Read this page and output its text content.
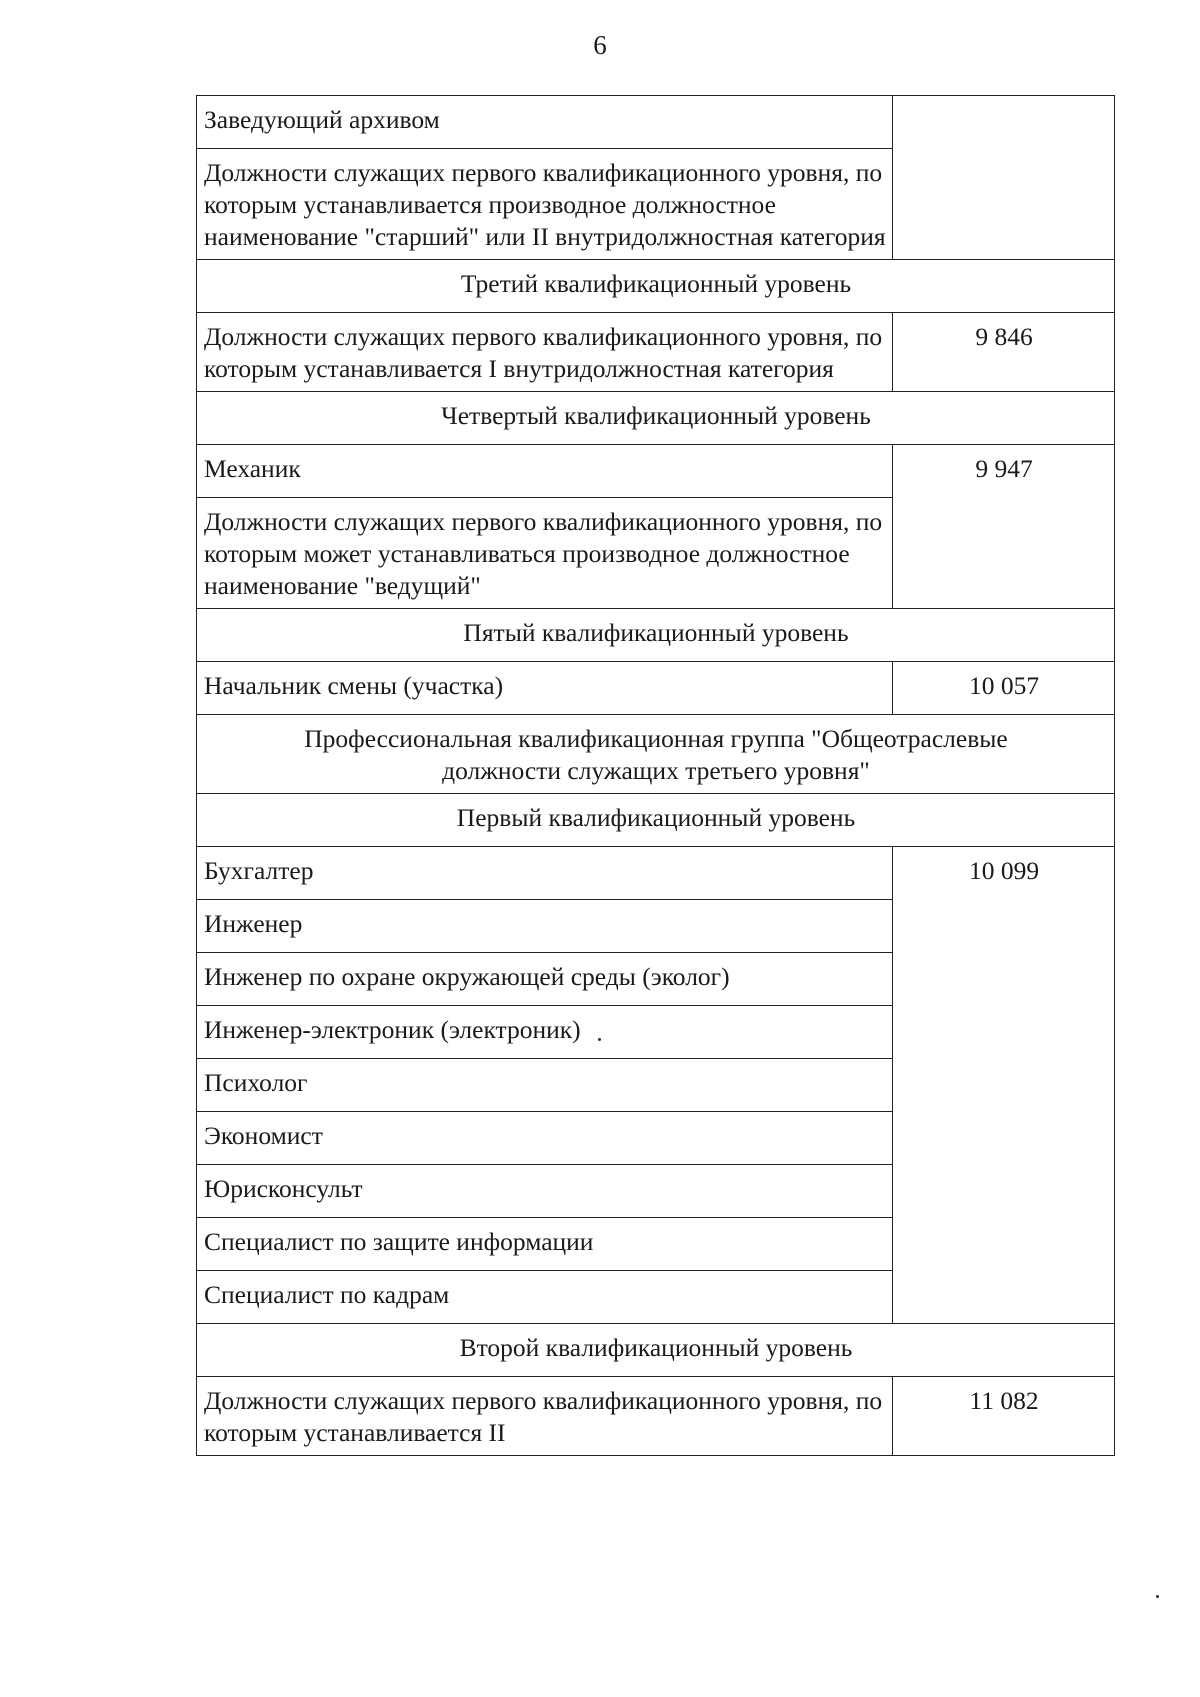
6
Заведующий архивом	
Должности служащих первого квалификационного уровня, по которым устанавливается производное должностное наименование "старший" или II внутридолжностная категория	
Третий квалификационный уровень	
Должности служащих первого квалификационного уровня, по которым устанавливается I внутридолжностная категория	9 846
Четвертый квалификационный уровень	
Механик	9 947
Должности служащих первого квалификационного уровня, по которым может устанавливаться производное должностное наименование "ведущий"	
Пятый квалификационный уровень	
Начальник смены (участка)	10 057

Профессиональная квалификационная группа "Общеотраслевые
должности служащих третьего уровня"	

Первый квалификационный уровень	
Бухгалтер	10 099
Инженер	
Инженер по охране окружающей среды (эколог)	
Инженер-электроник (электроник)	
Психолог	
Экономист	
Юрисконсульт	
Специалист по защите информации	
Специалист по кадрам	
Второй квалификационный уровень	
Должности служащих первого квалификационного уровня, по которым устанавливается II	11 082
